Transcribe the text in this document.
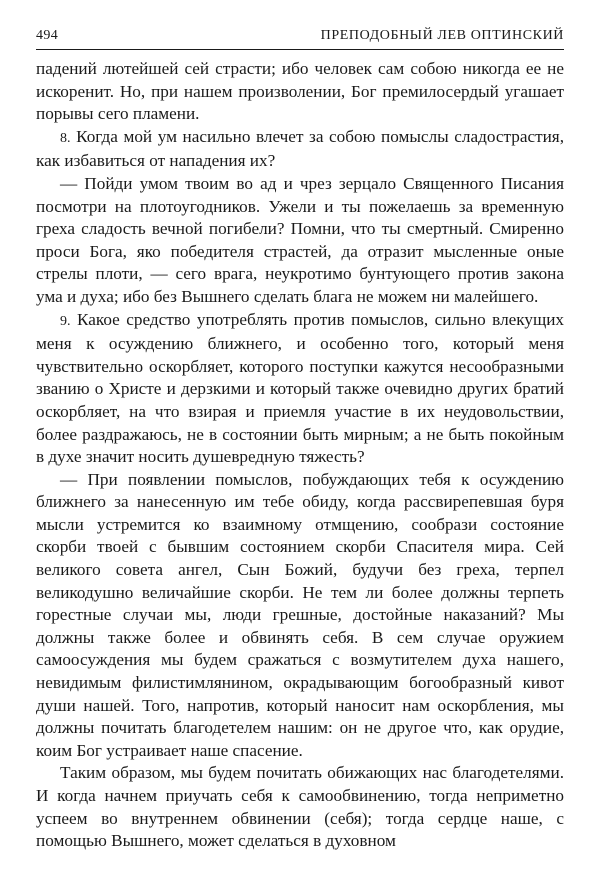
494	ПРЕПОДОБНЫЙ ЛЕВ ОПТИНСКИЙ

падений лютейшей сей страсти; ибо человек сам собою никогда ее не искоренит. Но, при нашем произволении, Бог премилосердый угашает порывы сего пламени.

8. Когда мой ум насильно влечет за собою помыслы сладострастия, как избавиться от нападения их?

— Пойди умом твоим во ад и чрез зерцало Священного Писания посмотри на плотоугодников. Ужели и ты пожелаешь за временную греха сладость вечной погибели? Помни, что ты смертный. Смиренно проси Бога, яко победителя страстей, да отразит мысленные оные стрелы плоти, — сего врага, неукротимо бунтующего против закона ума и духа; ибо без Вышнего сделать блага не можем ни малейшего.

9. Какое средство употреблять против помыслов, сильно влекущих меня к осуждению ближнего, и особенно того, который меня чувствительно оскорбляет, которого поступки кажутся несообразными званию о Христе и дерзкими и который также очевидно других братий оскорбляет, на что взирая и приемля участие в их неудовольствии, более раздражаюсь, не в состоянии быть мирным; а не быть покойным в духе значит носить душевредную тяжесть?

— При появлении помыслов, побуждающих тебя к осуждению ближнего за нанесенную им тебе обиду, когда рассвирепевшая буря мысли устремится ко взаимному отмщению, сообрази состояние скорби твоей с бывшим состоянием скорби Спасителя мира. Сей великого совета ангел, Сын Божий, будучи без греха, терпел великодушно величайшие скорби. Не тем ли более должны терпеть горестные случаи мы, люди грешные, достойные наказаний? Мы должны также более и обвинять себя. В сем случае оружием самоосуждения мы будем сражаться с возмутителем духа нашего, невидимым филистимлянином, окрадывающим богообразный кивот души нашей. Того, напротив, который наносит нам оскорбления, мы должны почитать благодетелем нашим: он не другое что, как орудие, коим Бог устраивает наше спасение.

Таким образом, мы будем почитать обижающих нас благодетелями. И когда начнем приучать себя к самообвинению, тогда неприметно успеем во внутреннем обвинении (себя); тогда сердце наше, с помощью Вышнего, может сделаться в духовном
